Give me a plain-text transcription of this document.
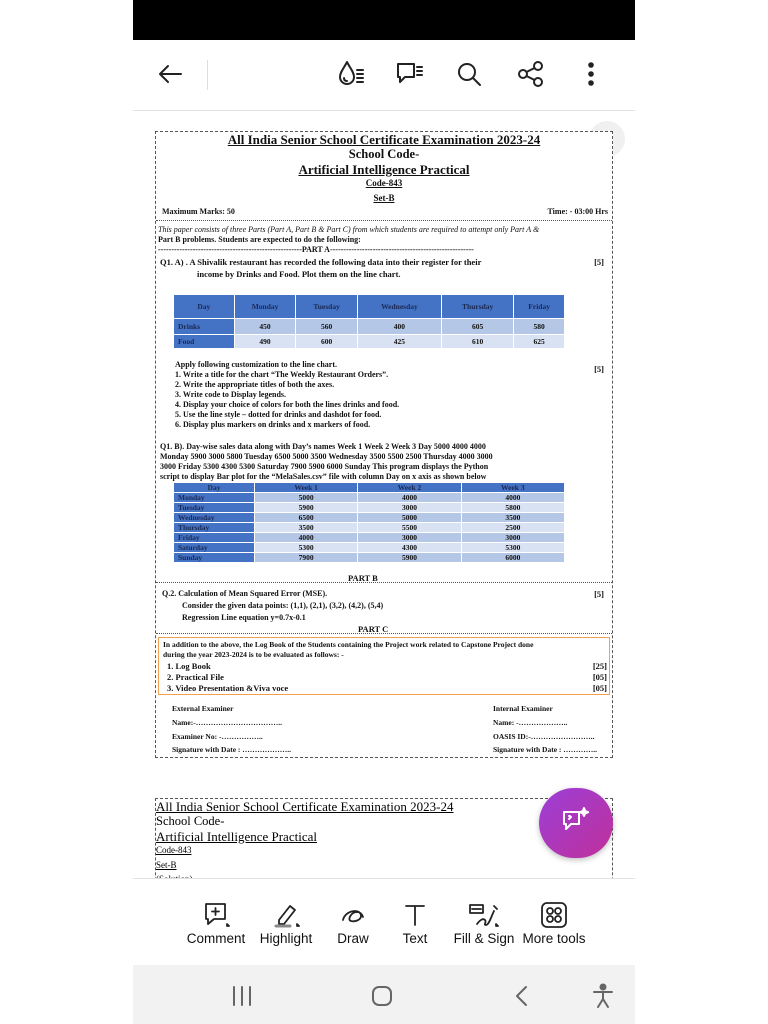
All India Senior School Certificate Examination 2023-24
School Code-
Artificial Intelligence Practical
Code-843
Set-B
Maximum Marks: 50	Time: - 03:00 Hrs
This paper consists of three Parts (Part A, Part B & Part C) from which students are required to attempt only Part A &
Part B problems. Students are expected to do the following:
------------------------------------------------------PART A------------------------------------------------------
Q1. A) . A Shivalik restaurant has recorded the following data into their register for their	[5]
income by Drinks and Food. Plot them on the line chart.
Day	Monday	Tuesday	Wednesday	Thursday	Friday
Drinks	450	560	400	605	580
Food	490	600	425	610	625
Apply following customization to the line chart.	[5]
1. Write a title for the chart “The Weekly Restaurant Orders”.
2. Write the appropriate titles of both the axes.
3. Write code to Display legends.
4. Display your choice of colors for both the lines drinks and food.
5. Use the line style – dotted for drinks and dashdot for food.
6. Display plus markers on drinks and x markers of food.
Q1. B). Day-wise sales data along with Day’s names Week 1 Week 2 Week 3 Day 5000 4000 4000
Monday 5900 3000 5800 Tuesday 6500 5000 3500 Wednesday 3500 5500 2500 Thursday 4000 3000
3000 Friday 5300 4300 5300 Saturday 7900 5900 6000 Sunday This program displays the Python
script to display Bar plot for the “MelaSales.csv” file with column Day on x axis as shown below
Day	Week 1	Week 2	Week 3
Monday	5000	4000	4000
Tuesday	5900	3000	5800
Wednesday	6500	5000	3500
Thursday	3500	5500	2500
Friday	4000	3000	3000
Saturday	5300	4300	5300
Sunday	7900	5900	6000
PART B
Q.2. Calculation of Mean Squared Error (MSE).	[5]
Consider the given data points: (1,1), (2,1), (3,2), (4,2), (5,4)
Regression Line equation y=0.7x-0.1
PART C
In addition to the above, the Log Book of the Students containing the Project work related to Capstone Project done
during the year 2023-2024 is to be evaluated as follows: -
1. Log Book	[25]
2. Practical File	[05]
3. Video Presentation &Viva voce	[05]
External Examiner	Internal Examiner
Name:-……………………………..	Name: -………………..
Examiner No: -……………..	OASIS ID:-……………………..
Signature with Date : ………………..	Signature with Date : …………..
All India Senior School Certificate Examination 2023-24
School Code-
Artificial Intelligence Practical
Code-843
Set-B
Comment	Highlight	Draw	Text	Fill & Sign More tools
